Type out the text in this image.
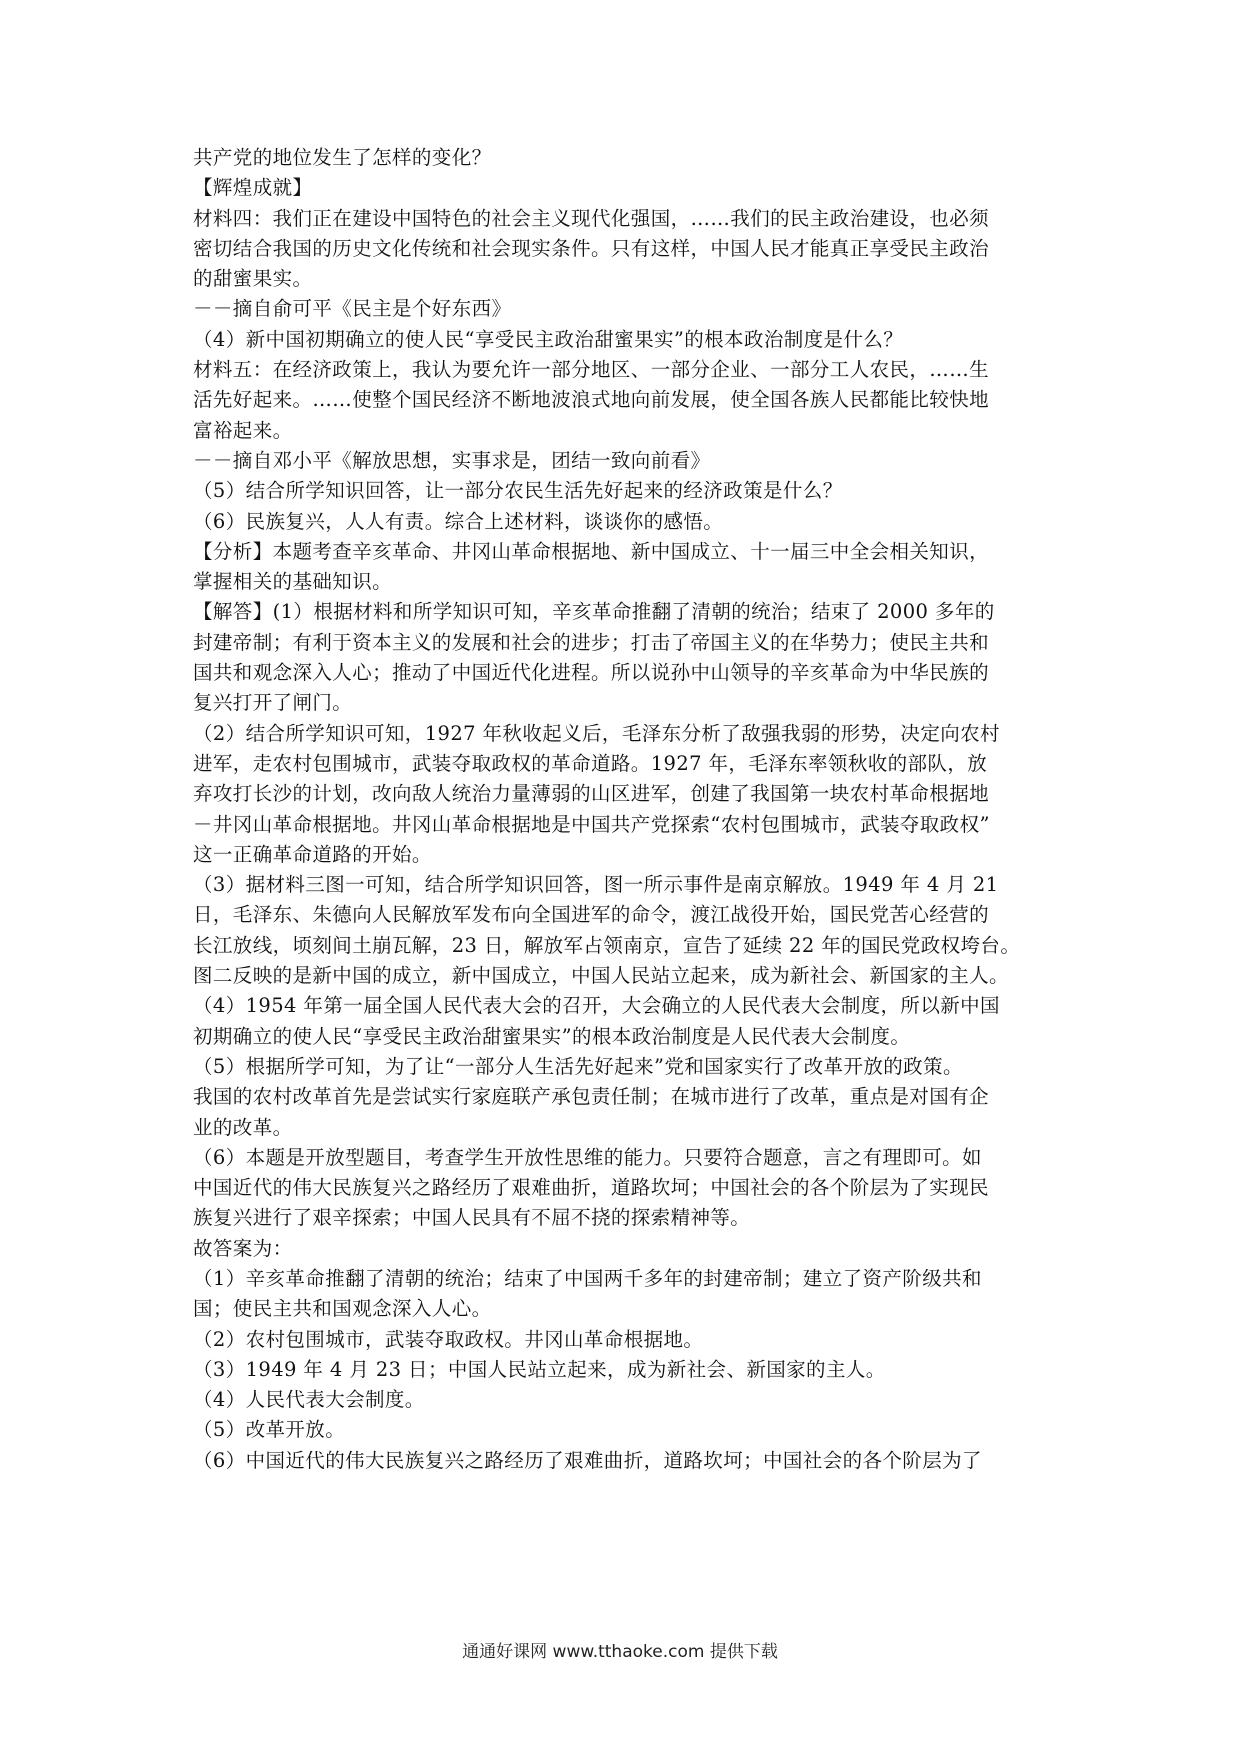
共产党的地位发生了怎样的变化？
【辉煌成就】
材料四：我们正在建设中国特色的社会主义现代化强国，……我们的民主政治建设，也必须
密切结合我国的历史文化传统和社会现实条件。只有这样，中国人民才能真正享受民主政治
的甜蜜果实。
－－摘自俞可平《民主是个好东西》
（4）新中国初期确立的使人民“享受民主政治甜蜜果实”的根本政治制度是什么？
材料五：在经济政策上，我认为要允许一部分地区、一部分企业、一部分工人农民，……生
活先好起来。……使整个国民经济不断地波浪式地向前发展，使全国各族人民都能比较快地
富裕起来。
－－摘自邓小平《解放思想，实事求是，团结一致向前看》
（5）结合所学知识回答，让一部分农民生活先好起来的经济政策是什么？
（6）民族复兴，人人有责。综合上述材料，谈谈你的感悟。
【分析】本题考查辛亥革命、井冈山革命根据地、新中国成立、十一届三中全会相关知识，
掌握相关的基础知识。
【解答】(1）根据材料和所学知识可知，辛亥革命推翻了清朝的统治；结束了 2000 多年的
封建帝制；有利于资本主义的发展和社会的进步；打击了帝国主义的在华势力；使民主共和
国共和观念深入人心；推动了中国近代化进程。所以说孙中山领导的辛亥革命为中华民族的
复兴打开了闸门。
（2）结合所学知识可知，1927 年秋收起义后，毛泽东分析了敌强我弱的形势，决定向农村
进军，走农村包围城市，武装夺取政权的革命道路。1927 年，毛泽东率领秋收的部队，放
弃攻打长沙的计划，改向敌人统治力量薄弱的山区进军，创建了我国第一块农村革命根据地
－井冈山革命根据地。井冈山革命根据地是中国共产党探索“农村包围城市，武装夺取政权”
这一正确革命道路的开始。
（3）据材料三图一可知，结合所学知识回答，图一所示事件是南京解放。1949 年 4 月 21
日，毛泽东、朱德向人民解放军发布向全国进军的命令，渡江战役开始，国民党苦心经营的
长江放线，顷刻间土崩瓦解，23 日，解放军占领南京，宣告了延续 22 年的国民党政权垮台。
图二反映的是新中国的成立，新中国成立，中国人民站立起来，成为新社会、新国家的主人。
（4）1954 年第一届全国人民代表大会的召开，大会确立的人民代表大会制度，所以新中国
初期确立的使人民“享受民主政治甜蜜果实”的根本政治制度是人民代表大会制度。
（5）根据所学可知，为了让“一部分人生活先好起来”党和国家实行了改革开放的政策。
我国的农村改革首先是尝试实行家庭联产承包责任制；在城市进行了改革，重点是对国有企
业的改革。
（6）本题是开放型题目，考查学生开放性思维的能力。只要符合题意，言之有理即可。如
中国近代的伟大民族复兴之路经历了艰难曲折，道路坎坷；中国社会的各个阶层为了实现民
族复兴进行了艰辛探索；中国人民具有不屈不挠的探索精神等。
故答案为：
（1）辛亥革命推翻了清朝的统治；结束了中国两千多年的封建帝制；建立了资产阶级共和
国；使民主共和国观念深入人心。
（2）农村包围城市，武装夺取政权。井冈山革命根据地。
（3）1949 年 4 月 23 日；中国人民站立起来，成为新社会、新国家的主人。
（4）人民代表大会制度。
（5）改革开放。
（6）中国近代的伟大民族复兴之路经历了艰难曲折，道路坎坷；中国社会的各个阶层为了
通通好课网 www.tthaoke.com 提供下载
